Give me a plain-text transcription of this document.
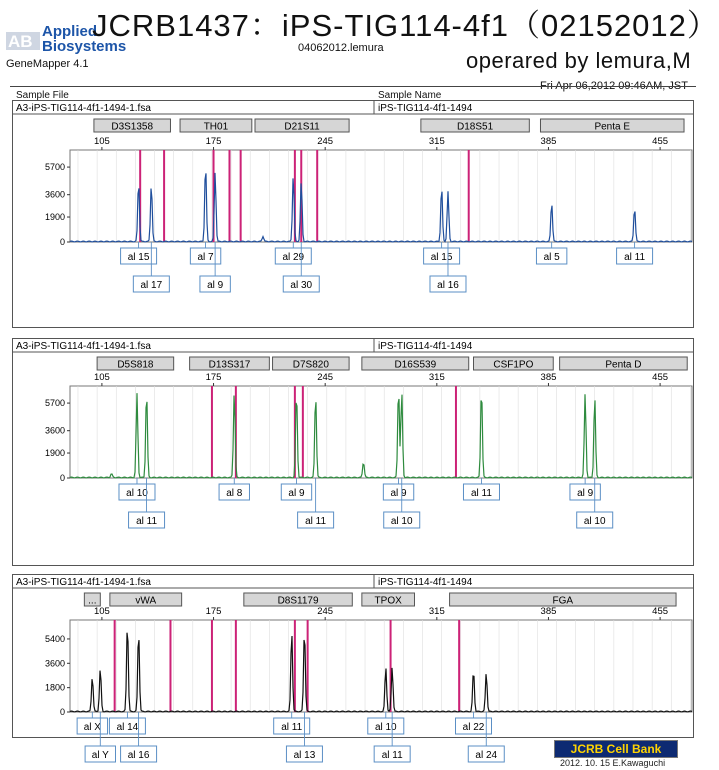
AB
Applied
Biosystems
GeneMapper 4.1
JCRB1437：iPS-TIG114-4f1（02152012）
04062012.lemura	operared by lemura,M
Fri Apr 06,2012 09:46AM, JST
Sample File	Sample Name
A3-iPS-TIG114-4f1-1494-1.fsa	iPS-TIG114-4f1-1494
D3S1358	TH01	D21S11	D18S51	Penta E
105	175	245	315	385	455
0
1900
3600
5700
al 15
al 17
al 7
al 9
al 29
al 30
al 15
al 16
al 5	al 11
A3-iPS-TIG114-4f1-1494-1.fsa	iPS-TIG114-4f1-1494
D5S818	D13S317	D7S820	D16S539	CSF1PO	Penta D
105	175	245	315	385	455
0
1900
3600
5700
al 10
al 11
al 8	al 9
al 11
al 9
al 10
al 11	al 9
al 10
A3-iPS-TIG114-4f1-1494-1.fsa	iPS-TIG114-4f1-1494
...	vWA	D8S1179	TPOX	FGA
105	175	245	315	385	455
0
1800
3600
5400
al X
al Y
al 14
al 16
al 11
al 13
al 10
al 11
al 22
al 24	JCRB Cell Bank
2012. 10. 15 E.Kawaguchi
